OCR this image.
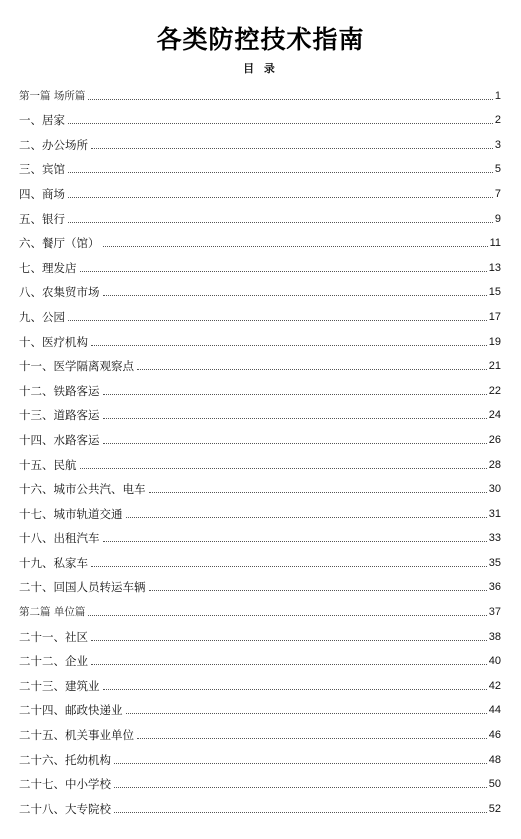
各类防控技术指南
目 录
第一篇 场所篇	1
一、居家	2
二、办公场所	3
三、宾馆	5
四、商场	7
五、银行	9
六、餐厅（馆）	11
七、理发店	13
八、农集贸市场	15
九、公园	17
十、医疗机构	19
十一、医学隔离观察点	21
十二、铁路客运	22
十三、道路客运	24
十四、水路客运	26
十五、民航	28
十六、城市公共汽、电车	30
十七、城市轨道交通	31
十八、出租汽车	33
十九、私家车	35
二十、回国人员转运车辆	36
第二篇 单位篇	37
二十一、社区	38
二十二、企业	40
二十三、建筑业	42
二十四、邮政快递业	44
二十五、机关事业单位	46
二十六、托幼机构	48
二十七、中小学校	50
二十八、大专院校	52
